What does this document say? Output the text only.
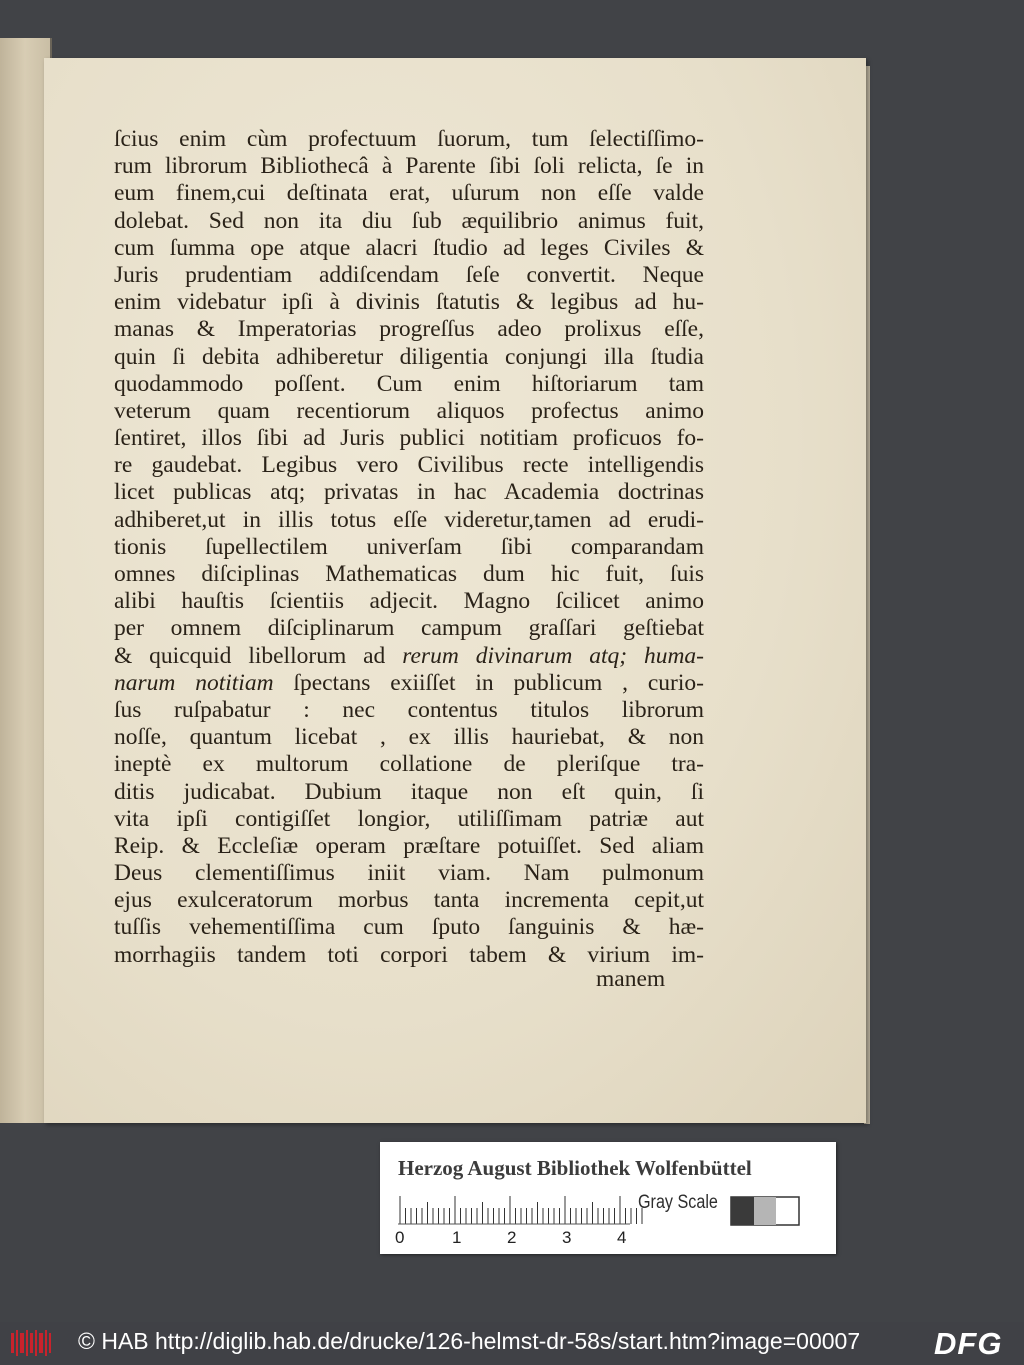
ſcius enim cùm profectuum ſuorum, tum ſelectiſſimo-
rum librorum Bibliothecâ à Parente ſibi ſoli relicta, ſe in
eum finem,cui deſtinata erat, uſurum non eſſe valde
dolebat. Sed non ita diu ſub æquilibrio animus fuit,
cum ſumma ope atque alacri ſtudio ad leges Civiles &
Juris prudentiam addiſcendam ſeſe convertit. Neque
enim videbatur ipſi à divinis ſtatutis & legibus ad hu-
manas & Imperatorias progreſſus adeo prolixus eſſe,
quin ſi debita adhiberetur diligentia conjungi illa ſtudia
quodammodo poſſent. Cum enim hiſtoriarum tam
veterum quam recentiorum aliquos profectus animo
ſentiret, illos ſibi ad Juris publici notitiam proficuos fo-
re gaudebat. Legibus vero Civilibus recte intelligendis
licet publicas atq; privatas in hac Academia doctrinas
adhiberet,ut in illis totus eſſe videretur,tamen ad erudi-
tionis ſupellectilem univerſam ſibi comparandam
omnes diſciplinas Mathematicas dum hic fuit, ſuis
alibi hauſtis ſcientiis adjecit. Magno ſcilicet animo
per omnem diſciplinarum campum graſſari geſtiebat
& quicquid libellorum ad rerum divinarum atq; huma-
narum notitiam ſpectans exiiſſet in publicum , curio-
ſus ruſpabatur : nec contentus titulos librorum
noſſe, quantum licebat , ex illis hauriebat, & non
ineptè ex multorum collatione de pleriſque tra-
ditis judicabat. Dubium itaque non eſt quin, ſi
vita ipſi contigiſſet longior, utiliſſimam patriæ aut
Reip. & Eccleſiæ operam præſtare potuiſſet. Sed aliam
Deus clementiſſimus iniit viam. Nam pulmonum
ejus exulceratorum morbus tanta incrementa cepit,ut
tuſſis vehementiſſima cum ſputo ſanguinis & hæ-
morrhagiis tandem toti corpori tabem & virium im-
manem
Herzog August Bibliothek Wolfenbüttel
Gray Scale
0	1	2	3	4
© HAB http://diglib.hab.de/drucke/126-helmst-dr-58s/start.htm?image=00007 DFG
